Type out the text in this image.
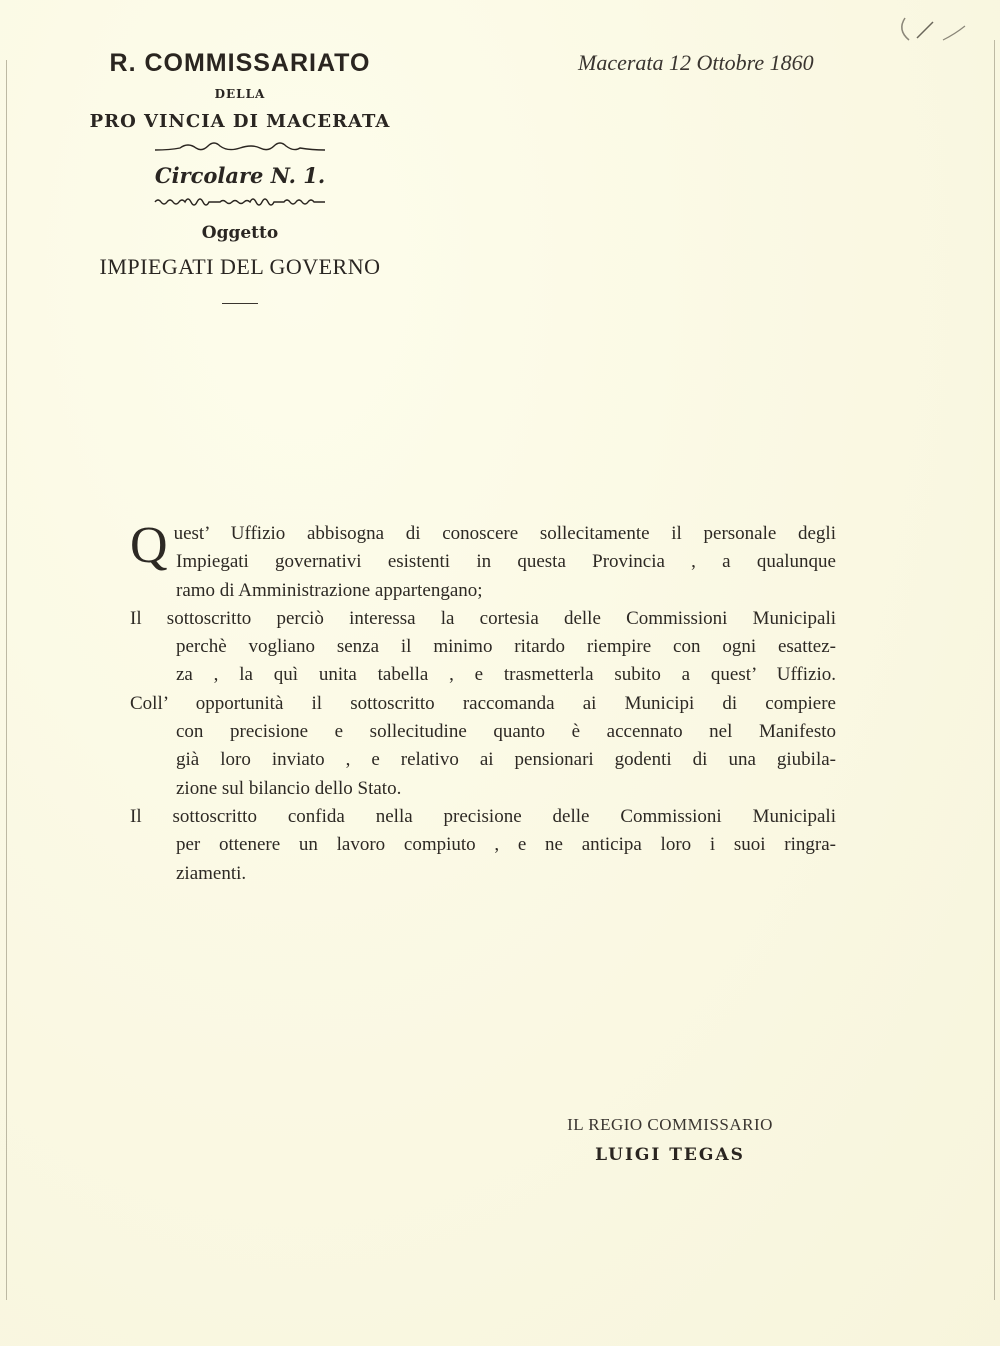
R. COMMISSARIATO
DELLA
PRO VINCIA DI MACERATA
Circolare N. 1.
Oggetto
IMPIEGATI DEL GOVERNO
Macerata 12 Ottobre 1860
Q uest’ Uffizio abbisogna di conoscere sollecitamente il personale degli
Impiegati governativi esistenti in questa Provincia , a qualunque
ramo di Amministrazione appartengano;
Il sottoscritto perciò interessa la cortesia delle Commissioni Municipali
perchè vogliano senza il minimo ritardo riempire con ogni esattez-
za , la quì unita tabella , e trasmetterla subito a quest’ Uffizio.
Coll’ opportunità il sottoscritto raccomanda ai Municipi di compiere
con precisione e sollecitudine quanto è accennato nel Manifesto
già loro inviato , e relativo ai pensionari godenti di una giubila-
zione sul bilancio dello Stato.
Il sottoscritto confida nella precisione delle Commissioni Municipali
per ottenere un lavoro compiuto , e ne anticipa loro i suoi ringra-
ziamenti.
IL REGIO COMMISSARIO
LUIGI TEGAS
